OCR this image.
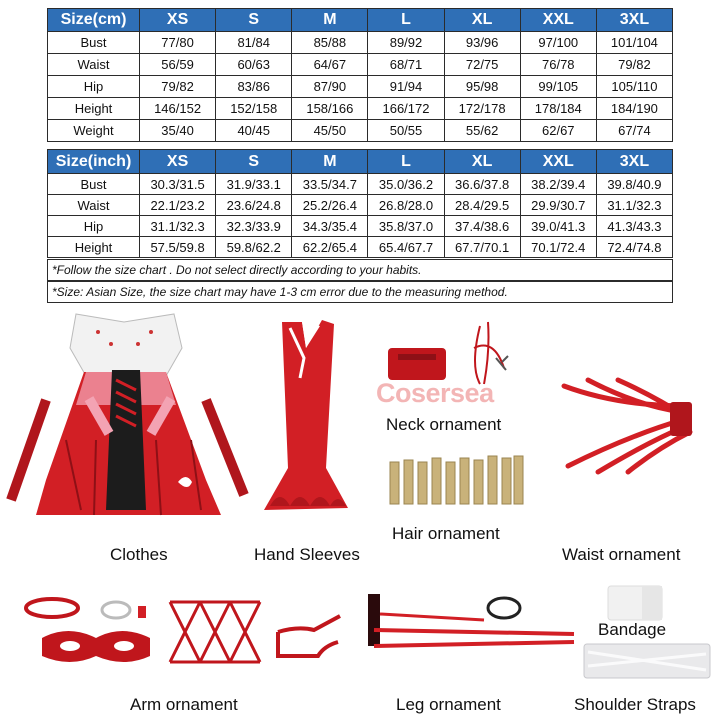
Size(cm)	XS	S	M	L	XL	XXL	3XL
Bust	77/80	81/84	85/88	89/92	93/96	97/100	101/104
Waist	56/59	60/63	64/67	68/71	72/75	76/78	79/82
Hip	79/82	83/86	87/90	91/94	95/98	99/105	105/110
Height	146/152	152/158	158/166	166/172	172/178	178/184	184/190
Weight	35/40	40/45	45/50	50/55	55/62	62/67	67/74
Size(inch)	XS	S	M	L	XL	XXL	3XL
Bust	30.3/31.5	31.9/33.1	33.5/34.7	35.0/36.2	36.6/37.8	38.2/39.4	39.8/40.9
Waist	22.1/23.2	23.6/24.8	25.2/26.4	26.8/28.0	28.4/29.5	29.9/30.7	31.1/32.3
Hip	31.1/32.3	32.3/33.9	34.3/35.4	35.8/37.0	37.4/38.6	39.0/41.3	41.3/43.3
Height	57.5/59.8	59.8/62.2	62.2/65.4	65.4/67.7	67.7/70.1	70.1/72.4	72.4/74.8
*Follow the size chart . Do not select directly according to your habits.
*Size: Asian Size, the size chart may have 1-3 cm error due to the measuring method.
Cosersea
Neck ornament
Hair ornament
Waist ornament
Clothes	Hand Sleeves
Arm ornament	Leg ornament
Bandage
Shoulder Straps
